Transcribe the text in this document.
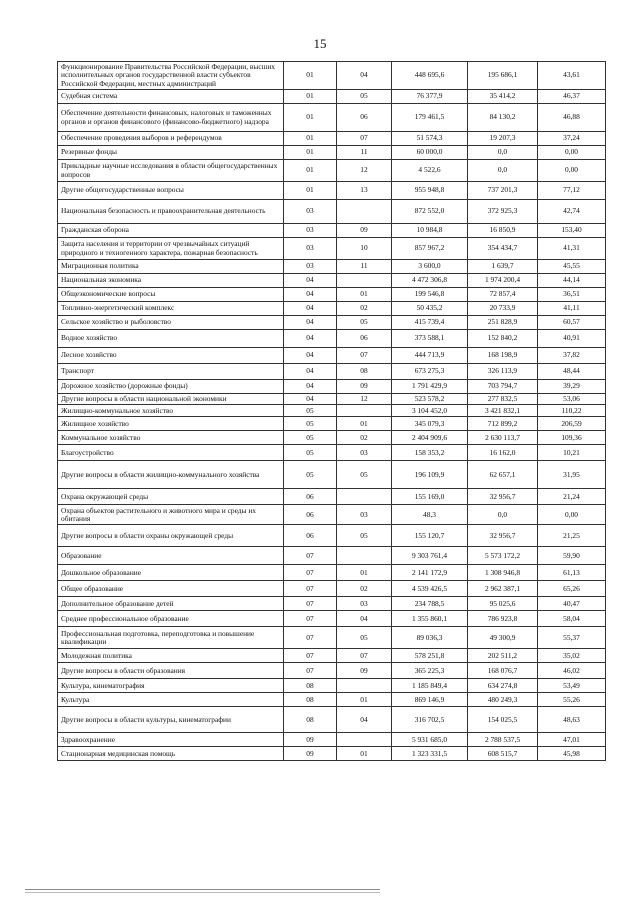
15
Функционирование Правительства Российской Федерации, высших исполнительных органов государственной власти субъектов Российской Федерации, местных администраций	01	04	448 695,6	195 686,1	43,61
Судебная система	01	05	76 377,9	35 414,2	46,37
Обеспечение деятельности финансовых, налоговых и таможенных органов и органов финансового (финансово-бюджетного) надзора	01	06	179 461,5	84 130,2	46,88
Обеспечение проведения выборов и референдумов	01	07	51 574,3	19 207,3	37,24
Резервные фонды	01	11	60 000,0	0,0	0,00
Прикладные научные исследования в области общегосударственных вопросов	01	12	4 522,6	0,0	0,00
Другие общегосударственные вопросы	01	13	955 948,8	737 201,3	77,12
Национальная безопасность и правоохранительная деятельность	03		872 552,0	372 925,3	42,74
Гражданская оборона	03	09	10 984,8	16 850,9	153,40
Защита населения и территории от чрезвычайных ситуаций природного и техногенного характера, пожарная безопасность	03	10	857 967,2	354 434,7	41,31
Миграционная политика	03	11	3 600,0	1 639,7	45,55
Национальная экономика	04		4 472 306,8	1 974 200,4	44,14
Общеэкономические вопросы	04	01	199 546,8	72 857,4	36,51
Топливно-энергетический комплекс	04	02	50 435,2	20 733,9	41,11
Сельское хозяйство и рыболовство	04	05	415 739,4	251 828,9	60,57
Водное хозяйство	04	06	373 588,1	152 840,2	40,91
Лесное хозяйство	04	07	444 713,9	168 198,9	37,82
Транспорт	04	08	673 275,3	326 113,9	48,44
Дорожное хозяйство (дорожные фонды)	04	09	1 791 429,9	703 794,7	39,29
Другие вопросы в области национальной экономики	04	12	523 578,2	277 832,5	53,06
Жилищно-коммунальное хозяйство	05		3 104 452,0	3 421 832,1	110,22
Жилищное хозяйство	05	01	345 079,3	712 899,2	206,59
Коммунальное хозяйство	05	02	2 404 909,6	2 630 113,7	109,36
Благоустройство	05	03	158 353,2	16 162,0	10,21
Другие вопросы в области жилищно-коммунального хозяйства	05	05	196 109,9	62 657,1	31,95
Охрана окружающей среды	06		155 169,0	32 956,7	21,24
Охрана объектов растительного и животного мира и среды их обитания	06	03	48,3	0,0	0,00
Другие вопросы в области охраны окружающей среды	06	05	155 120,7	32 956,7	21,25
Образование	07		9 303 761,4	5 573 172,2	59,90
Дошкольное образование	07	01	2 141 172,9	1 308 946,8	61,13
Общее образование	07	02	4 539 426,5	2 962 387,1	65,26
Дополнительное образование детей	07	03	234 788,5	95 025,6	40,47
Среднее профессиональное образование	07	04	1 355 860,1	786 923,8	58,04
Профессиональная подготовка, переподготовка и повышение квалификации	07	05	89 036,3	49 300,9	55,37
Молодежная политика	07	07	578 251,8	202 511,2	35,02
Другие вопросы в области образования	07	09	365 225,3	168 076,7	46,02
Культура, кинематография	08		1 185 849,4	634 274,8	53,49
Культура	08	01	869 146,9	480 249,3	55,26
Другие вопросы в области культуры, кинематографии	08	04	316 702,5	154 025,5	48,63
Здравоохранение	09		5 931 685,0	2 788 537,5	47,01
Стационарная медицинская помощь	09	01	1 323 331,5	608 515,7	45,98
